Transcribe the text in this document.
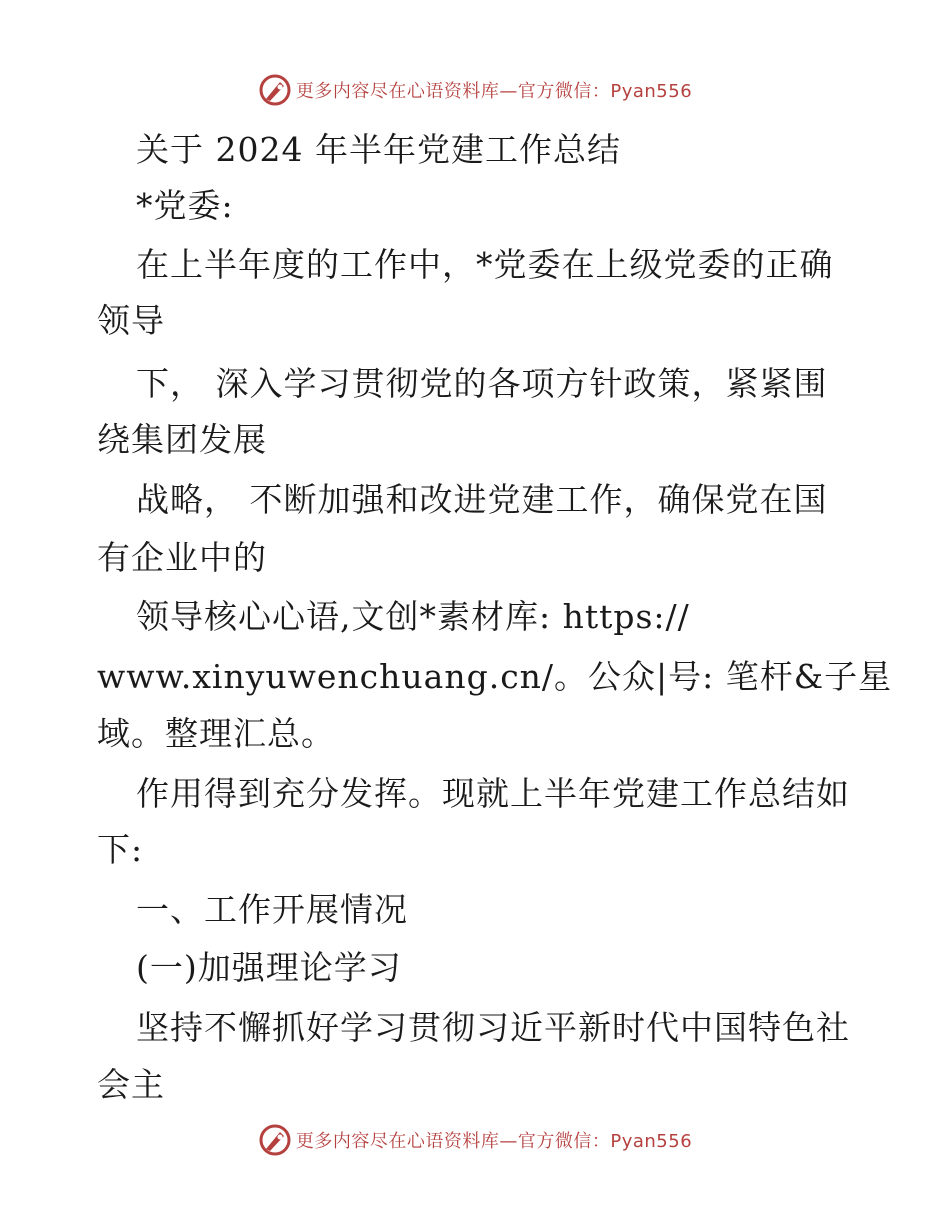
更多内容尽在心语资料库—官方微信：Pyan556
关于 2024 年半年党建工作总结
*党委:
在上半年度的工作中，*党委在上级党委的正确
领导
下， 深入学习贯彻党的各项方针政策，紧紧围
绕集团发展
战略， 不断加强和改进党建工作，确保党在国
有企业中的
领导核心心语,文创*素材库: https://
www.xinyuwenchuang.cn/。公众|号: 笔杆&子星
域。整理汇总。
作用得到充分发挥。现就上半年党建工作总结如
下:
一、工作开展情况
(一)加强理论学习
坚持不懈抓好学习贯彻习近平新时代中国特色社
会主
更多内容尽在心语资料库—官方微信：Pyan556
